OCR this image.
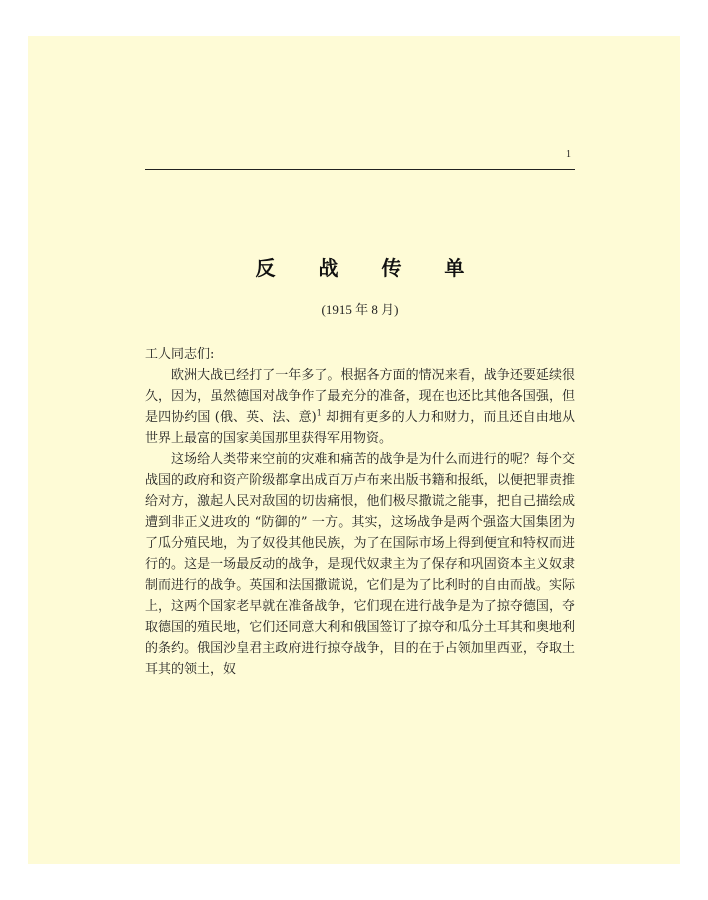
1
反 战 传 单
(1915 年 8 月)

工人同志们:

欧洲大战已经打了一年多了。根据各方面的情况来看，战争还要延续很久，因为，虽然德国对战争作了最充分的准备，现在也还比其他各国强，但是四协约国 (俄、英、法、意)$^1$ 却拥有更多的人力和财力，而且还自由地从世界上最富的国家美国那里获得军用物资。

这场给人类带来空前的灾难和痛苦的战争是为什么而进行的呢？每个交战国的政府和资产阶级都拿出成百万卢布来出版书籍和报纸，以便把罪责推给对方，激起人民对敌国的切齿痛恨，他们极尽撒谎之能事，把自己描绘成遭到非正义进攻的 “防御的” 一方。其实，这场战争是两个强盗大国集团为了瓜分殖民地，为了奴役其他民族，为了在国际市场上得到便宜和特权而进行的。这是一场最反动的战争，是现代奴隶主为了保存和巩固资本主义奴隶制而进行的战争。英国和法国撒谎说，它们是为了比利时的自由而战。实际上，这两个国家老早就在准备战争，它们现在进行战争是为了掠夺德国，夺取德国的殖民地，它们还同意大利和俄国签订了掠夺和瓜分土耳其和奥地利的条约。俄国沙皇君主政府进行掠夺战争，目的在于占领加里西亚，夺取土耳其的领土，奴
